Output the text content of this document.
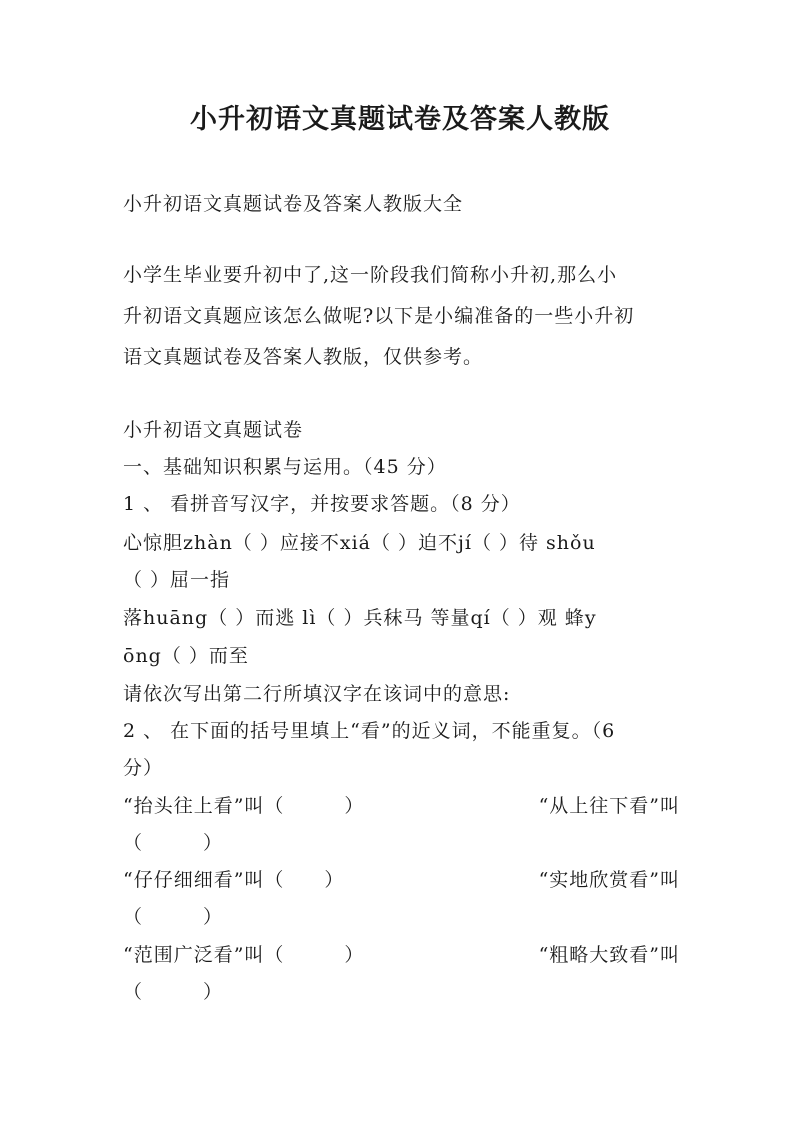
小升初语文真题试卷及答案人教版
小升初语文真题试卷及答案人教版大全
小学生毕业要升初中了,这一阶段我们简称小升初,那么小
升初语文真题应该怎么做呢?以下是小编准备的一些小升初
语文真题试卷及答案人教版，仅供参考。
小升初语文真题试卷
一、基础知识积累与运用。（45 分）
1 、 看拼音写汉字，并按要求答题。（8 分）
心惊胆zhàn（ ）应接不xiá（ ）迫不jí（ ）待 shǒu
（ ）屈一指
落huāng（ ）而逃 lì（ ）兵秣马 等量qí（ ）观 蜂y
ōng（ ）而至
请依次写出第二行所填汉字在该词中的意思:
2 、 在下面的括号里填上“看”的近义词，不能重复。（6
分）
“抬头往上看”叫（　　　）	“从上往下看”叫
（　　　）
“仔仔细细看”叫（　　）	“实地欣赏看”叫
（　　　）
“范围广泛看”叫（　　　）	“粗略大致看”叫
（　　　）
